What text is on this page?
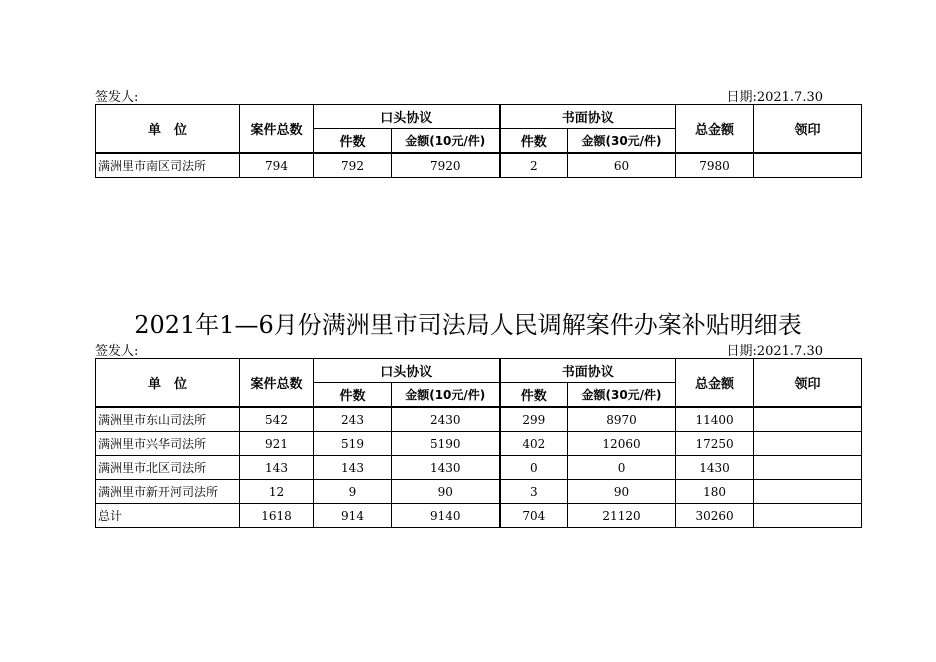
签发人:	日期:2021.7.30
单　位	案件总数	口头协议		书面协议		总金额	领印
		件数	金额(10元/件)	件数	金额(30元/件)		
满洲里市南区司法所	794	792	7920	2	60	7980	
2021年1—6月份满洲里市司法局人民调解案件办案补贴明细表
签发人:	日期:2021.7.30
单　位	案件总数	口头协议		书面协议		总金额	领印
		件数	金额(10元/件)	件数	金额(30元/件)		
满洲里市东山司法所	542	243	2430	299	8970	11400	
满洲里市兴华司法所	921	519	5190	402	12060	17250	
满洲里市北区司法所	143	143	1430	0	0	1430	
满洲里市新开河司法所	12	9	90	3	90	180	
总计	1618	914	9140	704	21120	30260	
